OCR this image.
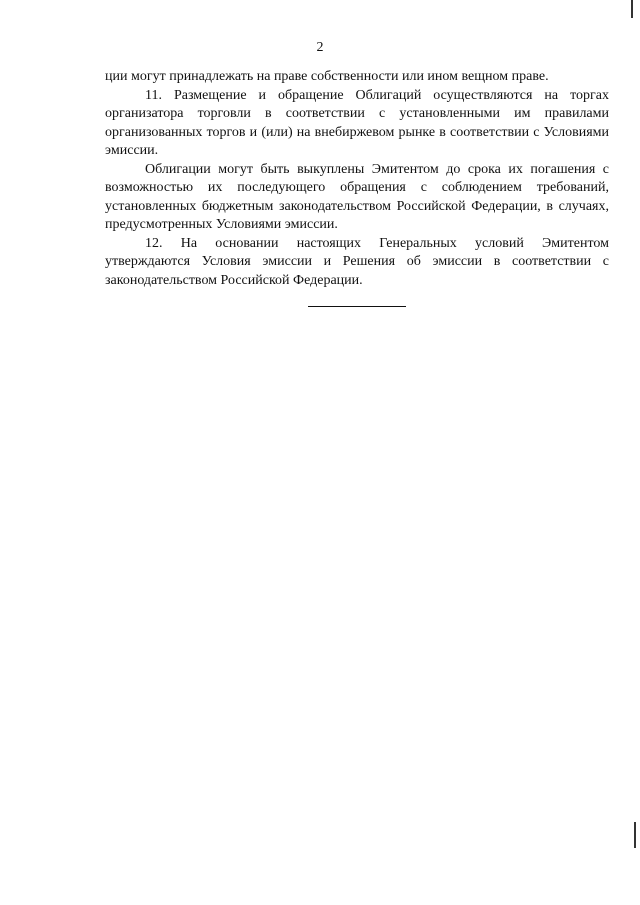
2

ции могут принадлежать на праве собственности или ином вещном праве.

11. Размещение и обращение Облигаций осуществляются на торгах организатора торговли в соответствии с установленными им правилами организованных торгов и (или) на внебиржевом рынке в соответствии с Условиями эмиссии.

Облигации могут быть выкуплены Эмитентом до срока их погашения с возможностью их последующего обращения с соблюдением требований, установленных бюджетным законодательством Российской Федерации, в случаях, предусмотренных Условиями эмиссии.

12. На основании настоящих Генеральных условий Эмитентом утверждаются Условия эмиссии и Решения об эмиссии в соответствии с законодательством Российской Федерации.
